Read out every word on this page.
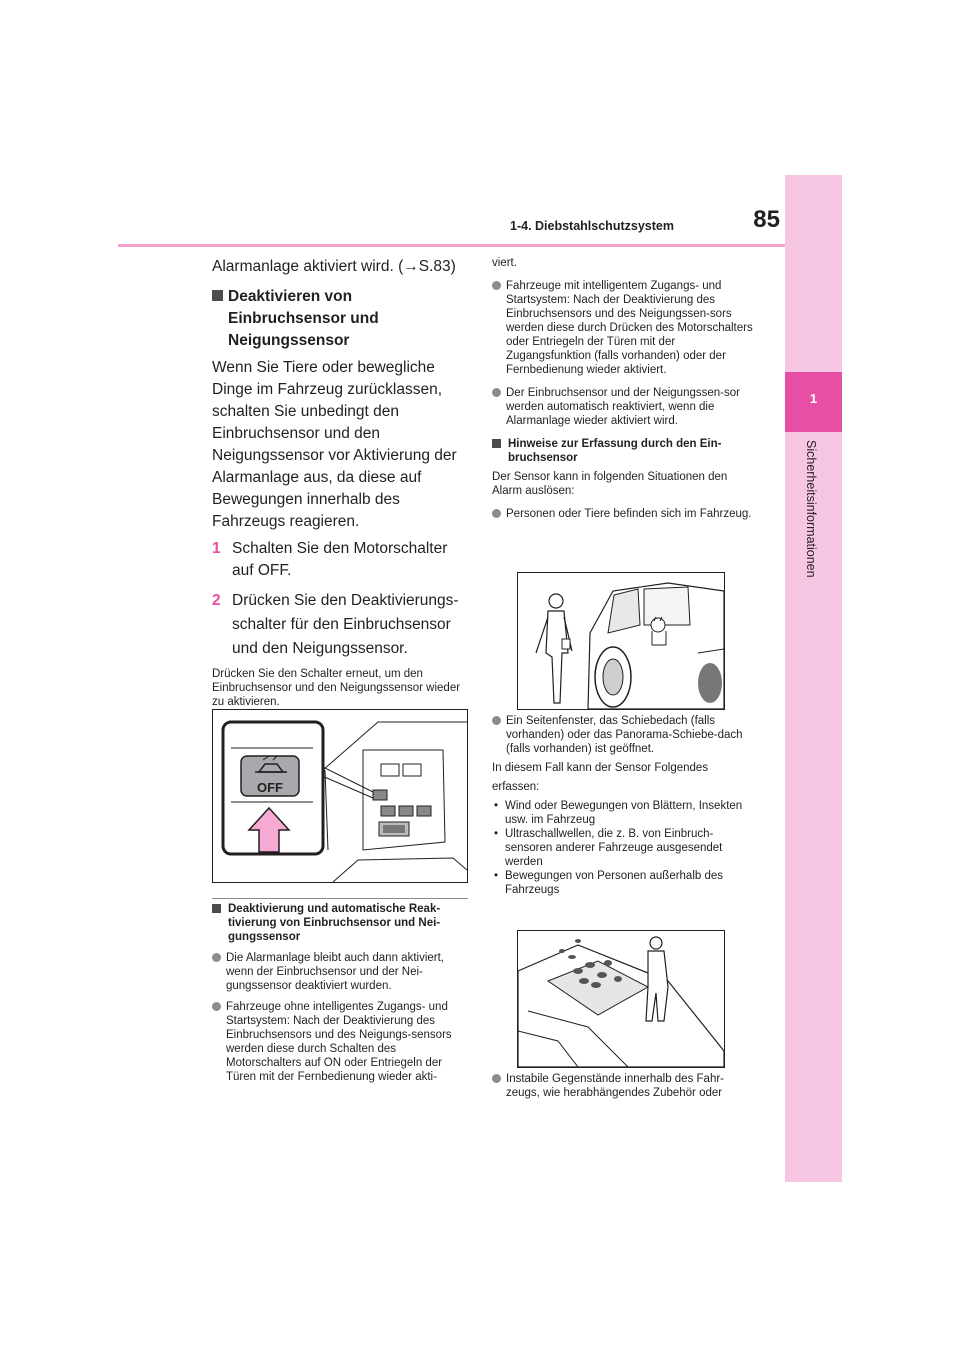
85
1-4. Diebstahlschutzsystem
1
Sicherheitsinformationen

Alarmanlage aktiviert wird. (→S.83)

Deaktivieren von Einbruchsensor und Neigungssensor

Wenn Sie Tiere oder bewegliche Dinge im Fahrzeug zurücklassen, schalten Sie unbedingt den Einbruchsensor und den Neigungssensor vor Aktivierung der Alarmanlage aus, da diese auf Bewegungen innerhalb des Fahrzeugs reagieren.

1 Schalten Sie den Motorschalter auf OFF.

2 Drücken Sie den Deaktivierungs-schalter für den Einbruchsensor und den Neigungssensor.

Drücken Sie den Schalter erneut, um den Einbruchsensor und den Neigungssensor wieder zu aktivieren.

OFF

Deaktivierung und automatische Reak-tivierung von Einbruchsensor und Nei-gungssensor

Die Alarmanlage bleibt auch dann aktiviert, wenn der Einbruchsensor und der Nei-gungssensor deaktiviert wurden.

Fahrzeuge ohne intelligentes Zugangs- und Startsystem: Nach der Deaktivierung des Einbruchsensors und des Neigungs-sensors werden diese durch Schalten des Motorschalters auf ON oder Entriegeln der Türen mit der Fernbedienung wieder akti-

viert.

Fahrzeuge mit intelligentem Zugangs- und Startsystem: Nach der Deaktivierung des Einbruchsensors und des Neigungssen-sors werden diese durch Drücken des Motorschalters oder Entriegeln der Türen mit der Zugangsfunktion (falls vorhanden) oder der Fernbedienung wieder aktiviert.

Der Einbruchsensor und der Neigungssen-sor werden automatisch reaktiviert, wenn die Alarmanlage wieder aktiviert wird.

Hinweise zur Erfassung durch den Ein-bruchsensor

Der Sensor kann in folgenden Situationen den Alarm auslösen:

Personen oder Tiere befinden sich im Fahrzeug.

Ein Seitenfenster, das Schiebedach (falls vorhanden) oder das Panorama-Schiebe-dach (falls vorhanden) ist geöffnet.

In diesem Fall kann der Sensor Folgendes

erfassen:

• Wind oder Bewegungen von Blättern, Insekten usw. im Fahrzeug

• Ultraschallwellen, die z. B. von Einbruch-sensoren anderer Fahrzeuge ausgesendet werden

• Bewegungen von Personen außerhalb des Fahrzeugs

Instabile Gegenstände innerhalb des Fahr-zeugs, wie herabhängendes Zubehör oder
